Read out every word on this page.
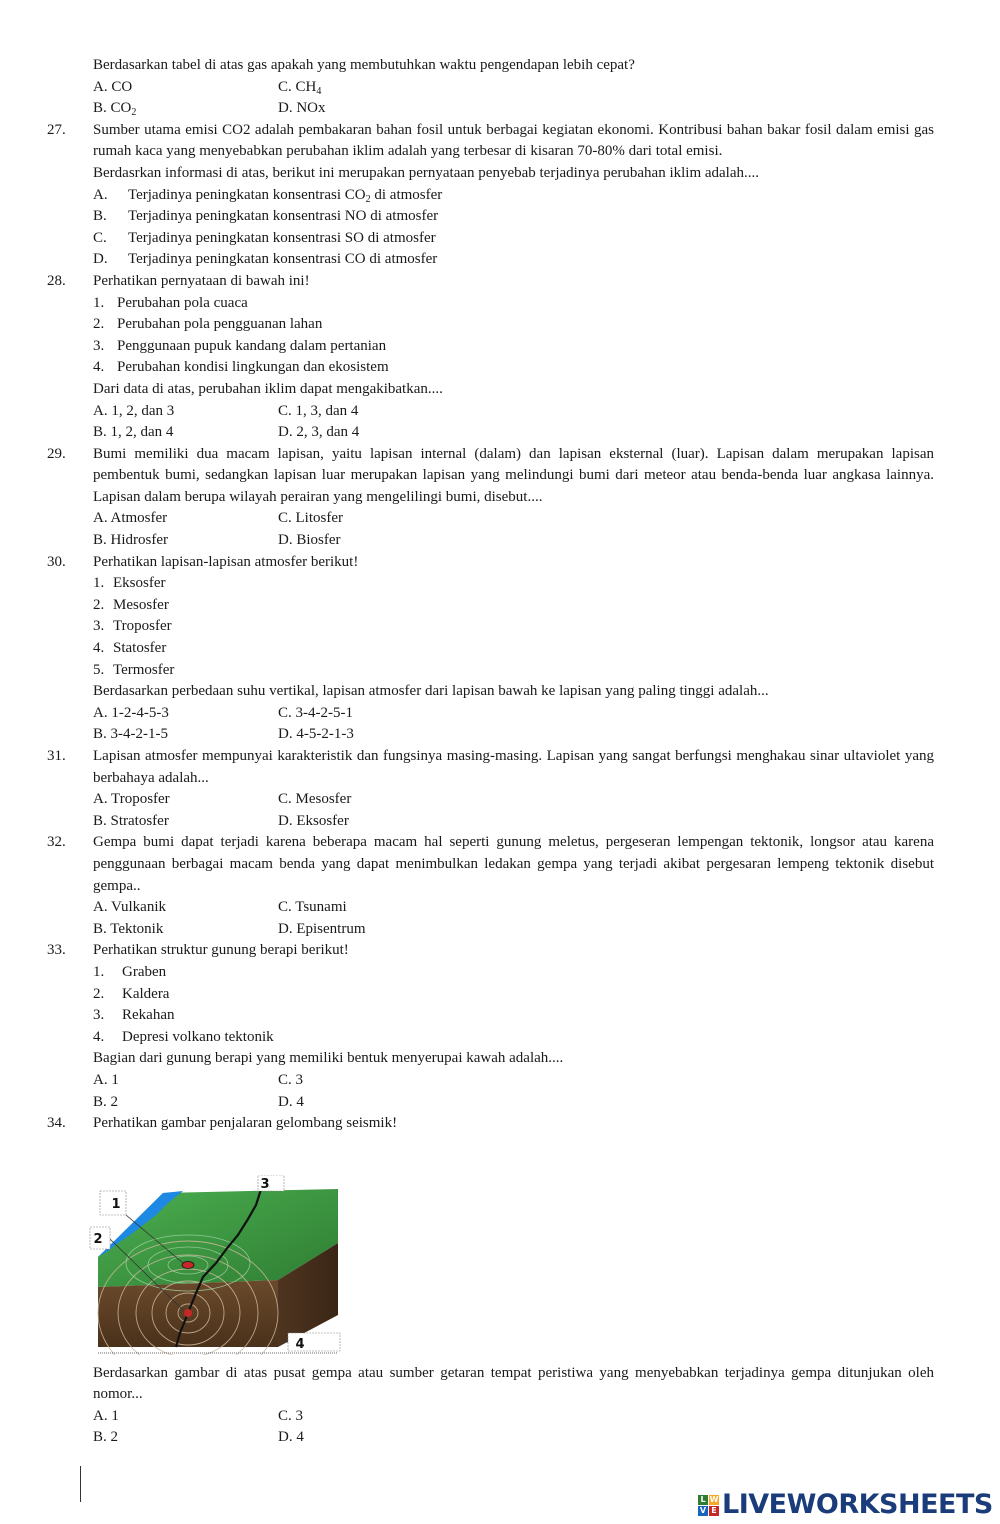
Berdasarkan tabel di atas gas apakah yang membutuhkan waktu pengendapan lebih cepat?
A. CO	C. $CH_4$
B. $CO_2$	D. NOx
27. Sumber utama emisi CO2 adalah pembakaran bahan fosil untuk berbagai kegiatan ekonomi. Kontribusi bahan bakar fosil dalam emisi gas rumah kaca yang menyebabkan perubahan iklim adalah yang terbesar di kisaran 70-80% dari total emisi.
Berdasrkan informasi di atas, berikut ini merupakan pernyataan penyebab terjadinya perubahan iklim adalah....
A. Terjadinya peningkatan konsentrasi $CO_2$ di atmosfer
B. Terjadinya peningkatan konsentrasi NO di atmosfer
C. Terjadinya peningkatan konsentrasi SO di atmosfer
D. Terjadinya peningkatan konsentrasi CO di atmosfer
28. Perhatikan pernyataan di bawah ini!
1. Perubahan pola cuaca
2. Perubahan pola pengguanan lahan
3. Penggunaan pupuk kandang dalam pertanian
4. Perubahan kondisi lingkungan dan ekosistem
Dari data di atas, perubahan iklim dapat mengakibatkan....
A. 1, 2, dan 3	C. 1, 3, dan 4
B. 1, 2, dan 4	D. 2, 3, dan 4
29. Bumi memiliki dua macam lapisan, yaitu lapisan internal (dalam) dan lapisan eksternal (luar). Lapisan dalam merupakan lapisan pembentuk bumi, sedangkan lapisan luar merupakan lapisan yang melindungi bumi dari meteor atau benda-benda luar angkasa lainnya. Lapisan dalam berupa wilayah perairan yang mengelilingi bumi, disebut....
A. Atmosfer	C. Litosfer
B. Hidrosfer	D. Biosfer
30. Perhatikan lapisan-lapisan atmosfer berikut!
1. Eksosfer
2. Mesosfer
3. Troposfer
4. Statosfer
5. Termosfer
Berdasarkan perbedaan suhu vertikal, lapisan atmosfer dari lapisan bawah ke lapisan yang paling tinggi adalah...
A. 1-2-4-5-3	C. 3-4-2-5-1
B. 3-4-2-1-5	D. 4-5-2-1-3
31. Lapisan atmosfer mempunyai karakteristik dan fungsinya masing-masing. Lapisan yang sangat berfungsi menghakau sinar ultaviolet yang berbahaya adalah...
A. Troposfer	C. Mesosfer
B. Stratosfer	D. Eksosfer
32. Gempa bumi dapat terjadi karena beberapa macam hal seperti gunung meletus, pergeseran lempengan tektonik, longsor atau karena penggunaan berbagai macam benda yang dapat menimbulkan ledakan gempa yang terjadi akibat pergesaran lempeng tektonik disebut gempa..
A. Vulkanik	C. Tsunami
B. Tektonik	D. Episentrum
33. Perhatikan struktur gunung berapi berikut!
1. Graben
2. Kaldera
3. Rekahan
4. Depresi volkano tektonik
Bagian dari gunung berapi yang memiliki bentuk menyerupai kawah adalah....
A. 1	C. 3
B. 2	D. 4
34. Perhatikan gambar penjalaran gelombang seismik!
1
2
3
4
Berdasarkan gambar di atas pusat gempa atau sumber getaran tempat peristiwa yang menyebabkan terjadinya gempa ditunjukan oleh nomor...
A. 1	C. 3
B. 2	D. 4
L W
V E LIVEWORKSHEETS
